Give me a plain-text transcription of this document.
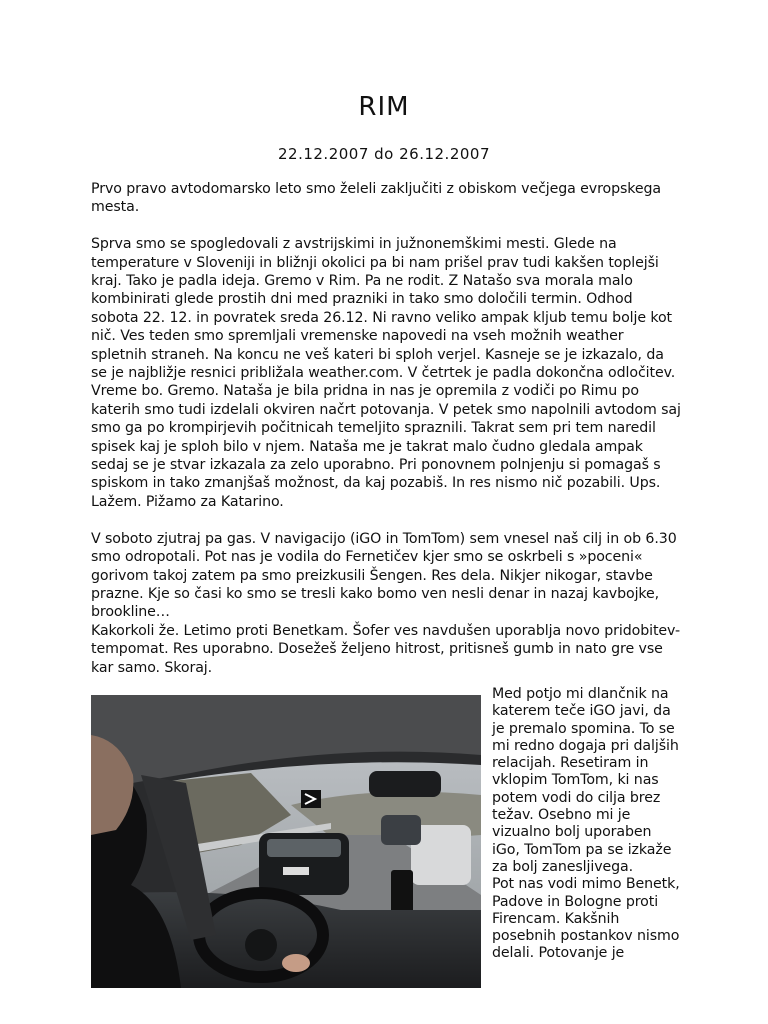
RIM
22.12.2007 do 26.12.2007

Prvo pravo avtodomarsko leto smo želeli zaključiti z obiskom večjega evropskega mesta.

Sprva smo se spogledovali z avstrijskimi in južnonemškimi mesti. Glede na temperature v Sloveniji in bližnji okolici pa bi nam prišel prav tudi kakšen toplejši kraj. Tako je padla ideja. Gremo v Rim. Pa ne rodit. Z Natašo sva morala malo kombinirati glede prostih dni med prazniki in tako smo določili termin. Odhod sobota 22. 12. in povratek sreda 26.12. Ni ravno veliko ampak kljub temu bolje kot nič. Ves teden smo spremljali vremenske napovedi na vseh možnih weather spletnih straneh. Na koncu ne veš kateri bi sploh verjel. Kasneje se je izkazalo, da se je najbližje resnici približala weather.com. V četrtek je padla dokončna odločitev. Vreme bo. Gremo. Nataša je bila pridna in nas je opremila z vodiči po Rimu po katerih smo tudi izdelali okviren načrt potovanja. V petek smo napolnili avtodom saj smo ga po krompirjevih počitnicah temeljito spraznili. Takrat sem pri tem naredil spisek kaj je sploh bilo v njem. Nataša me je takrat malo čudno gledala ampak sedaj se je stvar izkazala za zelo uporabno. Pri ponovnem polnjenju si pomagaš s spiskom in tako zmanjšaš možnost, da kaj pozabiš. In res nismo nič pozabili. Ups. Lažem. Pižamo za Katarino.

V soboto zjutraj pa gas. V navigacijo (iGO in TomTom) sem vnesel naš cilj in ob 6.30 smo odropotali. Pot nas je vodila do Fernetičev kjer smo se oskrbeli s »poceni« gorivom takoj zatem pa smo preizkusili Šengen. Res dela. Nikjer nikogar, stavbe prazne. Kje so časi ko smo se tresli kako bomo ven nesli denar in nazaj kavbojke, brookline…

Kakorkoli že. Letimo proti Benetkam. Šofer ves navdušen uporablja novo pridobitev- tempomat. Res uporabno. Dosežeš željeno hitrost, pritisneš gumb in nato gre vse kar samo. Skoraj.

Med potjo mi dlančnik na

katerem teče iGO javi, da

je premalo spomina. To se

mi redno dogaja pri daljših

relacijah. Resetiram in

vklopim TomTom, ki nas

potem vodi do cilja brez

težav. Osebno mi je

vizualno bolj uporaben

iGo, TomTom pa se izkaže

za bolj zanesljivega.

Pot nas vodi mimo Benetk,

Padove in Bologne proti

Firencam. Kakšnih

posebnih postankov nismo

delali. Potovanje je
